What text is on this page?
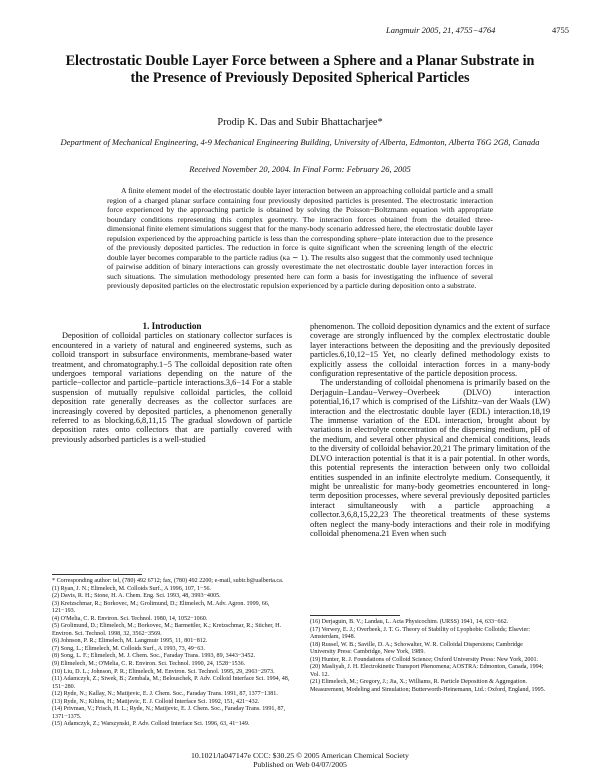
Langmuir 2005, 21, 4755−4764	4755
Electrostatic Double Layer Force between a Sphere and a Planar Substrate in the Presence of Previously Deposited Spherical Particles
Prodip K. Das and Subir Bhattacharjee*
Department of Mechanical Engineering, 4-9 Mechanical Engineering Building, University of Alberta, Edmonton, Alberta T6G 2G8, Canada
Received November 20, 2004. In Final Form: February 26, 2005
A finite element model of the electrostatic double layer interaction between an approaching colloidal particle and a small region of a charged planar surface containing four previously deposited particles is presented. The electrostatic interaction force experienced by the approaching particle is obtained by solving the Poisson−Boltzmann equation with appropriate boundary conditions representing this complex geometry. The interaction forces obtained from the detailed three-dimensional finite element simulations suggest that for the many-body scenario addressed here, the electrostatic double layer repulsion experienced by the approaching particle is less than the corresponding sphere−plate interaction due to the presence of the previously deposited particles. The reduction in force is quite significant when the screening length of the electric double layer becomes comparable to the particle radius (κa ∼ 1). The results also suggest that the commonly used technique of pairwise addition of binary interactions can grossly overestimate the net electrostatic double layer interaction forces in such situations. The simulation methodology presented here can form a basis for investigating the influence of several previously deposited particles on the electrostatic repulsion experienced by a particle during deposition onto a substrate.

1. Introduction

Deposition of colloidal particles on stationary collector surfaces is encountered in a variety of natural and engineered systems, such as colloid transport in subsurface environments, membrane-based water treatment, and chromatography.1−5 The colloidal deposition rate often undergoes temporal variations depending on the nature of the particle−collector and particle−particle interactions.3,6−14 For a stable suspension of mutually repulsive colloidal particles, the colloid deposition rate generally decreases as the collector surfaces are increasingly covered by deposited particles, a phenomenon generally referred to as blocking.6,8,11,15 The gradual slowdown of particle deposition rates onto collectors that are partially covered with previously adsorbed particles is a well-studied

phenomenon. The colloid deposition dynamics and the extent of surface coverage are strongly influenced by the complex electrostatic double layer interactions between the depositing and the previously deposited particles.6,10,12−15 Yet, no clearly defined methodology exists to explicitly assess the colloidal interaction forces in a many-body configuration representative of the particle deposition process.

The understanding of colloidal phenomena is primarily based on the Derjaguin−Landau−Verwey−Overbeek (DLVO) interaction potential,16,17 which is comprised of the Lifshitz−van der Waals (LW) interaction and the electrostatic double layer (EDL) interaction.18,19 The immense variation of the EDL interaction, brought about by variations in electrolyte concentration of the dispersing medium, pH of the medium, and several other physical and chemical conditions, leads to the diversity of colloidal behavior.20,21 The primary limitation of the DLVO interaction potential is that it is a pair potential. In other words, this potential represents the interaction between only two colloidal entities suspended in an infinite electrolyte medium. Consequently, it might be unrealistic for many-body geometries encountered in long-term deposition processes, where several previously deposited particles interact simultaneously with a particle approaching a collector.3,6,8,15,22,23 The theoretical treatments of these systems often neglect the many-body interactions and their role in modifying colloidal phenomena.21 Even when such

* Corresponding author: tel, (780) 492 6712; fax, (780) 492 2200; e-mail, subir.b@ualberta.ca.
(1) Ryan, J. N.; Elimelech, M. Colloids Surf., A 1996, 107, 1−56.
(2) Davis, R. H.; Stone, H. A. Chem. Eng. Sci. 1993, 48, 3993−4005.
(3) Kretzschmar, R.; Borkovec, M.; Grolimund, D.; Elimelech, M. Adv. Agron. 1999, 66, 121−193.
(4) O'Melia, C. R. Environ. Sci. Technol. 1980, 14, 1052−1060.
(5) Grolimund, D.; Elimelech, M.; Borkovec, M.; Barmettler, K.; Kretzschmar, R.; Sticher, H. Environ. Sci. Technol. 1998, 32, 3562−3569.
(6) Johnson, P. R.; Elimelech, M. Langmuir 1995, 11, 801−812.
(7) Song, L.; Elimelech, M. Colloids Surf., A 1993, 73, 49−63.
(8) Song, L. F.; Elimelech, M. J. Chem. Soc., Faraday Trans. 1993, 89, 3443−3452.
(9) Elimelech, M.; O'Melia, C. R. Environ. Sci. Technol. 1990, 24, 1528−1536.
(10) Liu, D. L.; Johnson, P. R.; Elimelech, M. Environ. Sci. Technol. 1995, 29, 2963−2973.
(11) Adamczyk, Z.; Siwek, B.; Zembala, M.; Belouschek, P. Adv. Colloid Interface Sci. 1994, 48, 151−280.
(12) Ryde, N.; Kallay, N.; Matijevic, E. J. Chem. Soc., Faraday Trans. 1991, 87, 1377−1381.
(13) Ryde, N.; Kihira, H.; Matijevic, E. J. Colloid Interface Sci. 1992, 151, 421−432.
(14) Privman, V.; Frisch, H. L.; Ryde, N.; Matijevic, E. J. Chem. Soc., Faraday Trans. 1991, 87, 1371−1375.
(15) Adamczyk, Z.; Warszynski, P. Adv. Colloid Interface Sci. 1996, 63, 41−149.
(16) Derjaguin, B. V.; Landau, L. Acta Physicochim. (URSS) 1941, 14, 633−662.
(17) Verwey, E. J.; Overbeek, J. T. G. Theory of Stability of Lyophobic Colloids; Elsevier: Amsterdam, 1948.
(18) Russel, W. B.; Saville, D. A.; Schowalter, W. R. Colloidal Dispersions; Cambridge University Press: Cambridge, New York, 1989.
(19) Hunter, R. J. Foundations of Colloid Science; Oxford University Press: New York, 2001.
(20) Masliyah, J. H. Electrokinetic Transport Phenomena; AOSTRA: Edmonton, Canada, 1994; Vol. 12.
(21) Elimelech, M.; Gregory, J.; Jia, X.; Williams, R. Particle Deposition & Aggregation. Measurement, Modeling and Simulation; Butterworth-Heinemann, Ltd.: Oxford, England, 1995.
10.1021/la047147e CCC: $30.25 © 2005 American Chemical Society
Published on Web 04/07/2005
